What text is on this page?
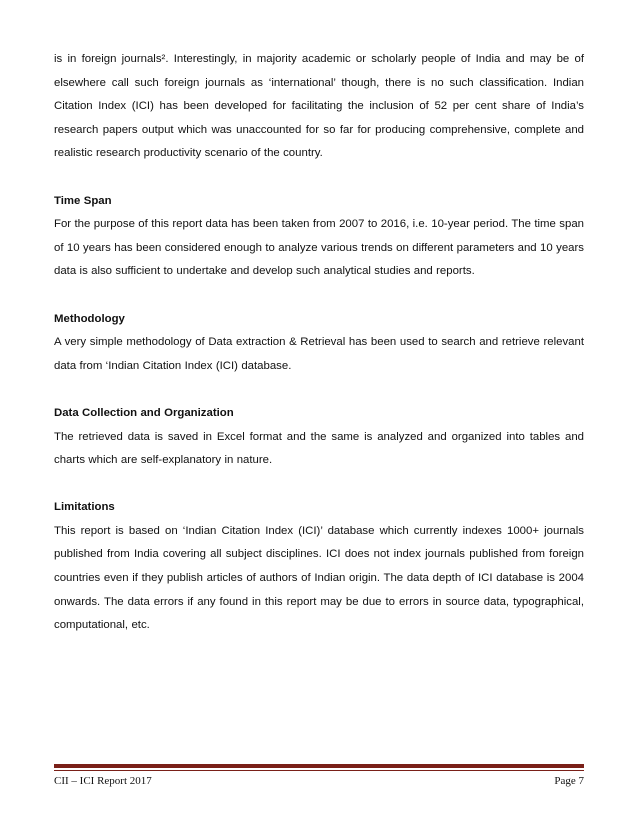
is in foreign journals². Interestingly, in majority academic or scholarly people of India and may be of elsewhere call such foreign journals as ‘international’ though, there is no such classification. Indian Citation Index (ICI) has been developed for facilitating the inclusion of 52 per cent share of India’s research papers output which was unaccounted for so far for producing comprehensive, complete and realistic research productivity scenario of the country.

Time Span

For the purpose of this report data has been taken from 2007 to 2016, i.e. 10-year period. The time span of 10 years has been considered enough to analyze various trends on different parameters and 10 years data is also sufficient to undertake and develop such analytical studies and reports.

Methodology

A very simple methodology of Data extraction & Retrieval has been used to search and retrieve relevant data from ‘Indian Citation Index (ICI) database.

Data Collection and Organization

The retrieved data is saved in Excel format and the same is analyzed and organized into tables and charts which are self-explanatory in nature.

Limitations

This report is based on ‘Indian Citation Index (ICI)’ database which currently indexes 1000+ journals published from India covering all subject disciplines. ICI does not index journals published from foreign countries even if they publish articles of authors of Indian origin. The data depth of ICI database is 2004 onwards. The data errors if any found in this report may be due to errors in source data, typographical, computational, etc.

CII – ICI Report 2017	Page 7
